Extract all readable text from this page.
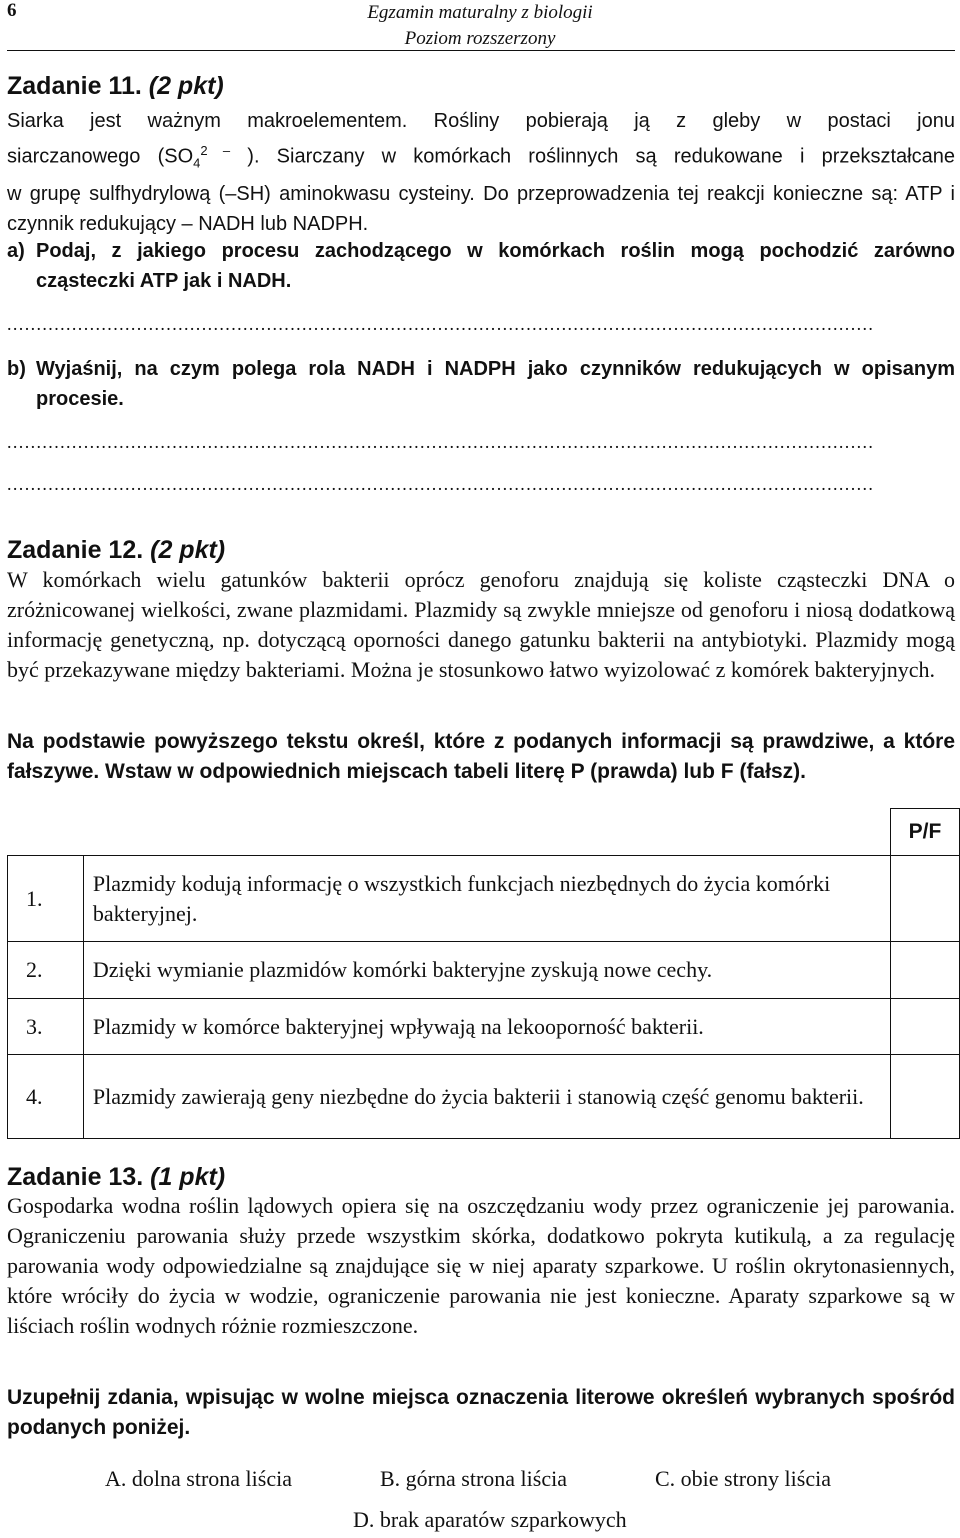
6	Egzamin maturalny z biologii
Poziom rozszerzony
Zadanie 11. (2 pkt)
Siarka jest ważnym makroelementem. Rośliny pobierają ją z gleby w postaci jonu
siarczanowego ($SO_4^{2 -}$ ). Siarczany w komórkach roślinnych są redukowane i przekształcane
w grupę sulfhydrylową (–SH) aminokwasu cysteiny. Do przeprowadzenia tej reakcji konieczne są: ATP i czynnik redukujący – NADH lub NADPH.
a) Podaj, z jakiego procesu zachodzącego w komórkach roślin mogą pochodzić zarówno cząsteczki ATP jak i NADH.
...................................................................................................................................................
b) Wyjaśnij, na czym polega rola NADH i NADPH jako czynników redukujących w opisanym procesie.
...................................................................................................................................................
...................................................................................................................................................
Zadanie 12. (2 pkt)
W komórkach wielu gatunków bakterii oprócz genoforu znajdują się koliste cząsteczki DNA o zróżnicowanej wielkości, zwane plazmidami. Plazmidy są zwykle mniejsze od genoforu i niosą dodatkową informację genetyczną, np. dotyczącą oporności danego gatunku bakterii na antybiotyki. Plazmidy mogą być przekazywane między bakteriami. Można je stosunkowo łatwo wyizolować z komórek bakteryjnych.
Na podstawie powyższego tekstu określ, które z podanych informacji są prawdziwe, a które fałszywe. Wstaw w odpowiednich miejscach tabeli literę P (prawda) lub F (fałsz).
		P/F
1.	Plazmidy kodują informację o wszystkich funkcjach niezbędnych do życia komórki bakteryjnej.	
2.	Dzięki wymianie plazmidów komórki bakteryjne zyskują nowe cechy.	
3.	Plazmidy w komórce bakteryjnej wpływają na lekooporność bakterii.	
4.	Plazmidy zawierają geny niezbędne do życia bakterii i stanowią część genomu bakterii.	
Zadanie 13. (1 pkt)
Gospodarka wodna roślin lądowych opiera się na oszczędzaniu wody przez ograniczenie jej parowania. Ograniczeniu parowania służy przede wszystkim skórka, dodatkowo pokryta kutikulą, a za regulację parowania wody odpowiedzialne są znajdujące się w niej aparaty szparkowe. U roślin okrytonasiennych, które wróciły do życia w wodzie, ograniczenie parowania nie jest konieczne. Aparaty szparkowe są w liściach roślin wodnych różnie rozmieszczone.
Uzupełnij zdania, wpisując w wolne miejsca oznaczenia literowe określeń wybranych spośród podanych poniżej.
A. dolna strona liścia	B. górna strona liścia	C. obie strony liścia
D. brak aparatów szparkowych
